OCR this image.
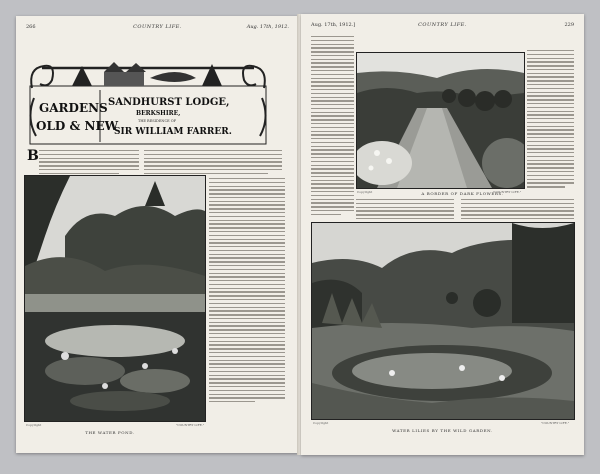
266	COUNTRY LIFE.	Aug. 17th, 1912.
GARDENS
OLD & NEW
SANDHURST LODGE,
BERKSHIRE,
THE RESIDENCE OF
SIR WILLIAM FARRER.
B
Copyright	"COUNTRY LIFE."
THE WATER POND.
Aug. 17th, 1912.]	COUNTRY LIFE.	229
Copyright	"COUNTRY LIFE."
A BORDER OF DARK FLOWERS.
Copyright	"COUNTRY LIFE."
WATER LILIES BY THE WILD GARDEN.
